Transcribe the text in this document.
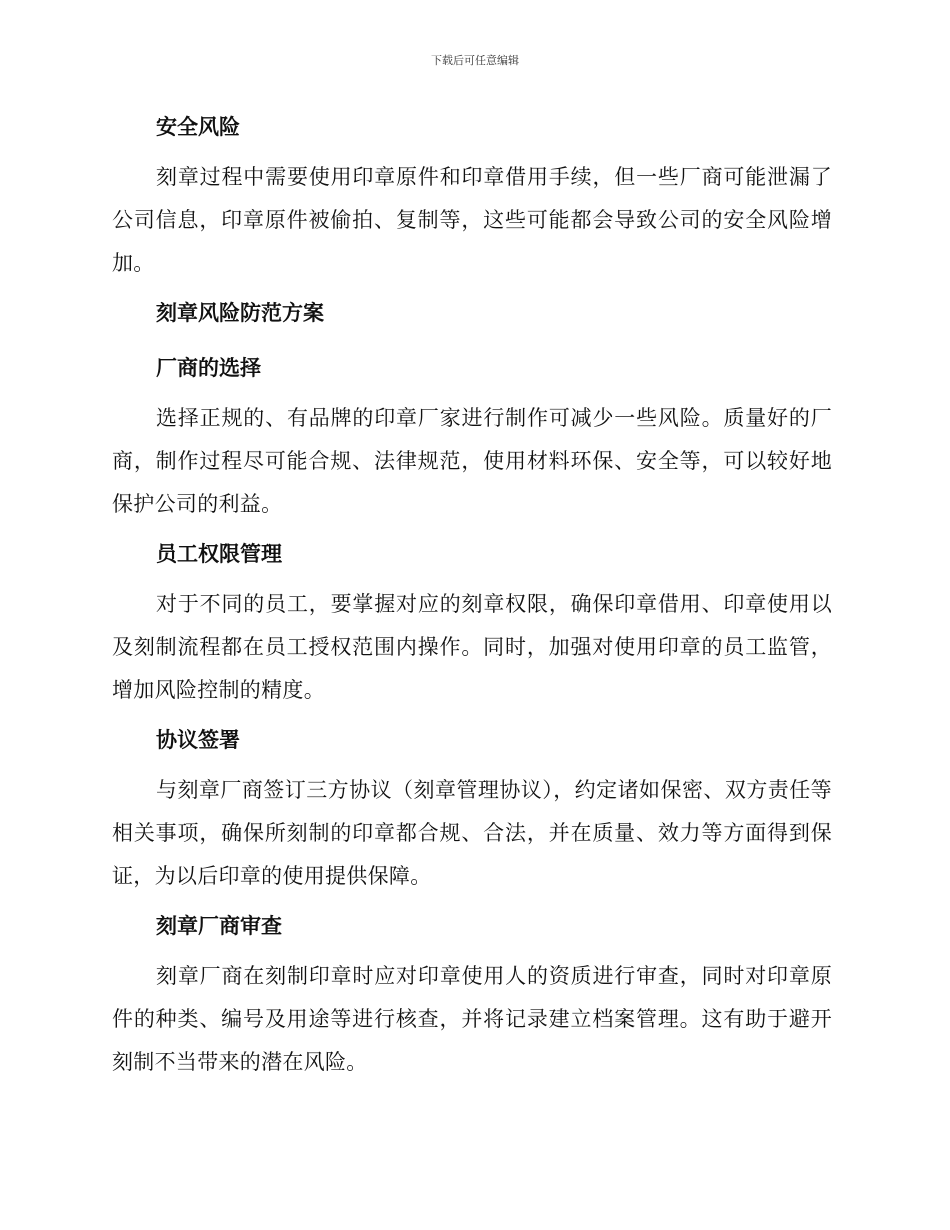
下载后可任意编辑
安全风险

刻章过程中需要使用印章原件和印章借用手续，但一些厂商可能泄漏了公司信息，印章原件被偷拍、复制等，这些可能都会导致公司的安全风险增加。

刻章风险防范方案
厂商的选择

选择正规的、有品牌的印章厂家进行制作可减少一些风险。质量好的厂商，制作过程尽可能合规、法律规范，使用材料环保、安全等，可以较好地保护公司的利益。

员工权限管理

对于不同的员工，要掌握对应的刻章权限，确保印章借用、印章使用以及刻制流程都在员工授权范围内操作。同时，加强对使用印章的员工监管，增加风险控制的精度。

协议签署

与刻章厂商签订三方协议（刻章管理协议），约定诸如保密、双方责任等相关事项，确保所刻制的印章都合规、合法，并在质量、效力等方面得到保证，为以后印章的使用提供保障。

刻章厂商审查

刻章厂商在刻制印章时应对印章使用人的资质进行审查，同时对印章原件的种类、编号及用途等进行核查，并将记录建立档案管理。这有助于避开刻制不当带来的潜在风险。
